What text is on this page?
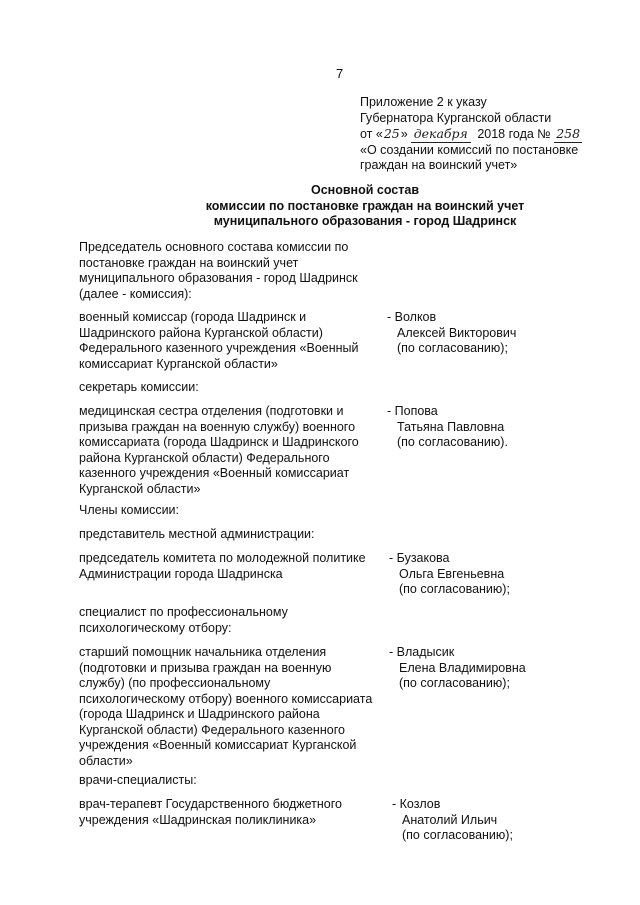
7
Приложение 2 к указу
Губернатора Курганской области
от «25» декабря 2018 года № 258
«О создании комиссий по постановке
граждан на воинский учет»
Основной состав
комиссии по постановке граждан на воинский учет
муниципального образования - город Шадринск
Председатель основного состава комиссии по
постановке граждан на воинский учет
муниципального образования - город Шадринск
(далее - комиссия):
военный комиссар (города Шадринск и
Шадринского района Курганской области)
Федерального казенного учреждения «Военный
комиссариат Курганской области»
- Волков
Алексей Викторович
(по согласованию);
секретарь комиссии:
медицинская сестра отделения (подготовки и
призыва граждан на военную службу) военного
комиссариата (города Шадринск и Шадринского
района Курганской области) Федерального
казенного учреждения «Военный комиссариат
Курганской области»
- Попова
Татьяна Павловна
(по согласованию).
Члены комиссии:
представитель местной администрации:
председатель комитета по молодежной политике
Администрации города Шадринска
- Бузакова
Ольга Евгеньевна
(по согласованию);
специалист по профессиональному
психологическому отбору:
старший помощник начальника отделения
(подготовки и призыва граждан на военную
службу) (по профессиональному
психологическому отбору) военного комиссариата
(города Шадринск и Шадринского района
Курганской области) Федерального казенного
учреждения «Военный комиссариат Курганской
области»
- Владысик
Елена Владимировна
(по согласованию);
врачи-специалисты:
врач-терапевт Государственного бюджетного
учреждения «Шадринская поликлиника»
- Козлов
Анатолий Ильич
(по согласованию);
